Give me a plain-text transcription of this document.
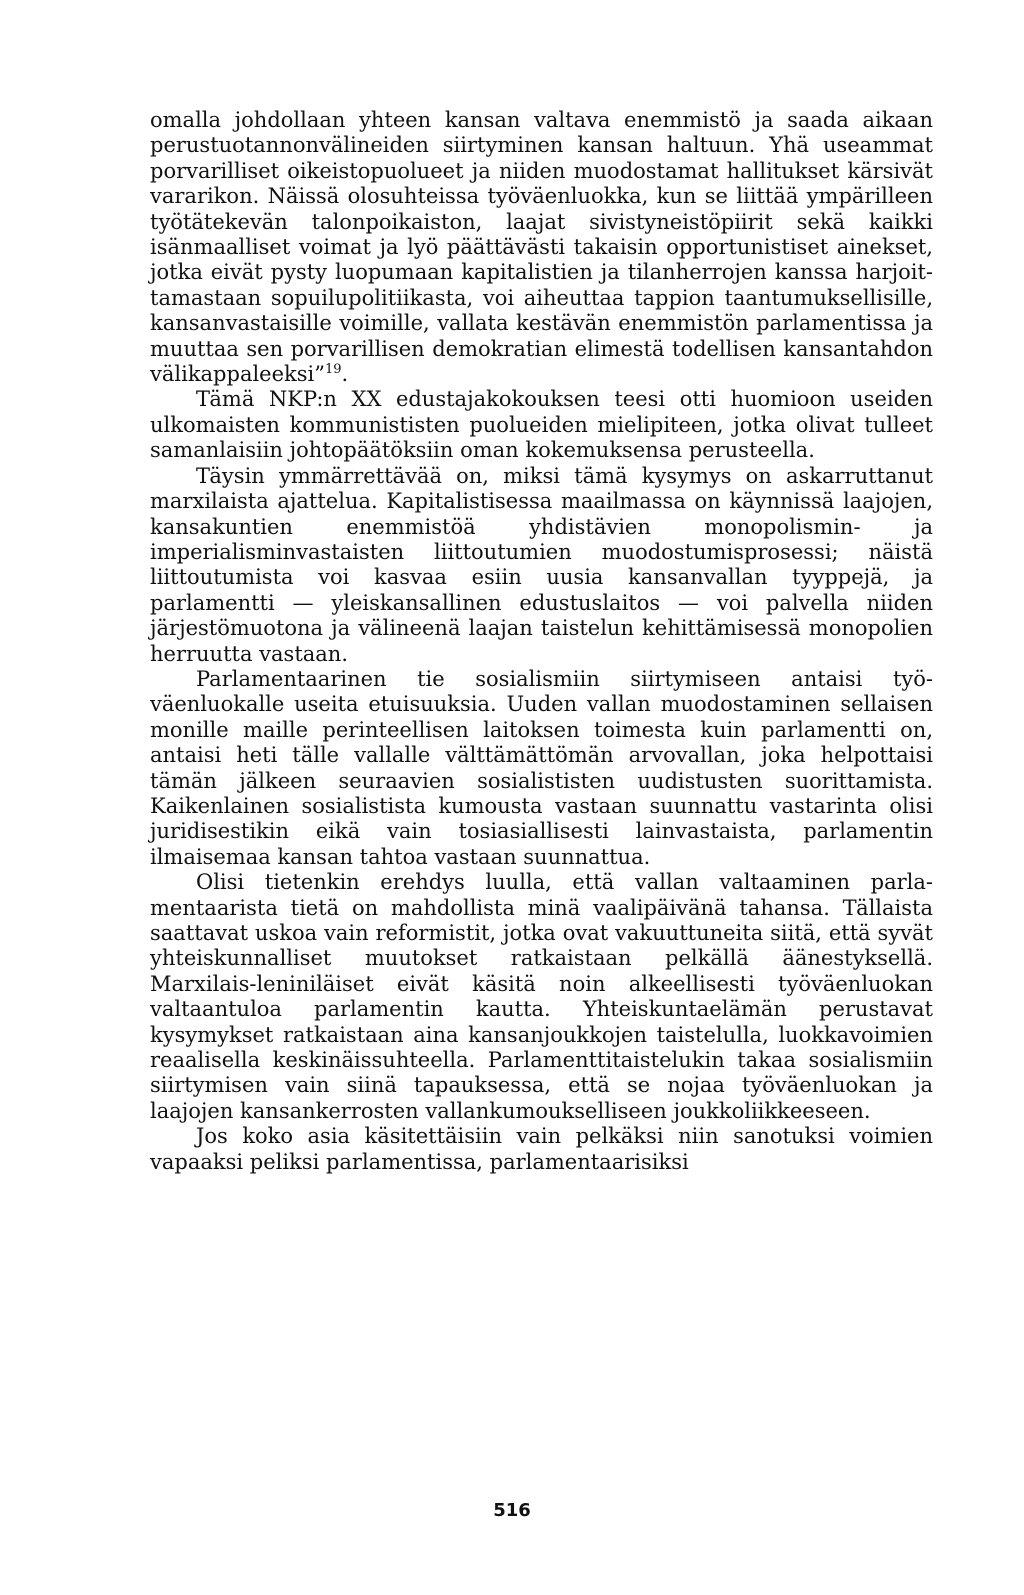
omalla johdollaan yhteen kansan valtava enemmistö ja saada aikaan perustuotannonvälineiden siirtyminen kansan haltuun. Yhä useammat porvarilliset oikeistopuolueet ja niiden muodostamat hallitukset kärsivät vararikon. Näissä olosuhteissa työväenluokka, kun se liittää ympärilleen työtätekevän talonpoikaiston, laajat sivistyneistöpiirit sekä kaikki isänmaalliset voimat ja lyö päättävästi takaisin opportunistiset ainekset, jotka eivät pysty luopumaan kapitalistien ja tilanherrojen kanssa harjoittamastaan sopuilupolitiikasta, voi aiheuttaa tappion taantumuksellisille, kansanvastaisille voimille, vallata kestävän enemmistön parlamentissa ja muuttaa sen porvarillisen demokratian elimestä todellisen kansantahdon välikappaleeksi”$^{19}$.

Tämä NKP:n XX edustajakokouksen teesi otti huomioon useiden ulkomaisten kommunististen puolueiden mielipiteen, jotka olivat tulleet samanlaisiin johtopäätöksiin oman kokemuksensa perusteella.

Täysin ymmärrettävää on, miksi tämä kysymys on askarruttanut marxilaista ajattelua. Kapitalistisessa maailmassa on käynnissä laajojen, kansakuntien enemmistöä yhdistävien monopolismin- ja imperialisminvastaisten liittoutumien muodostumisprosessi; näistä liittoutumista voi kasvaa esiin uusia kansanvallan tyyppejä, ja parlamentti — yleiskansallinen edustuslaitos — voi palvella niiden järjestömuotona ja välineenä laajan taistelun kehittämisessä monopolien herruutta vastaan.

Parlamentaarinen tie sosialismiin siirtymiseen antaisi työväenluokalle useita etuisuuksia. Uuden vallan muodostaminen sellaisen monille maille perinteellisen laitoksen toimesta kuin parlamentti on, antaisi heti tälle vallalle välttämättömän arvovallan, joka helpottaisi tämän jälkeen seuraavien sosialististen uudistusten suorittamista. Kaikenlainen sosialistista kumousta vastaan suunnattu vastarinta olisi juridisestikin eikä vain tosiasiallisesti lainvastaista, parlamentin ilmaisemaa kansan tahtoa vastaan suunnattua.

Olisi tietenkin erehdys luulla, että vallan valtaaminen parlamentaarista tietä on mahdollista minä vaalipäivänä tahansa. Tällaista saattavat uskoa vain reformistit, jotka ovat vakuuttuneita siitä, että syvät yhteiskunnalliset muutokset ratkaistaan pelkällä äänestyksellä. Marxilais-leniniläiset eivät käsitä noin alkeellisesti työväenluokan valtaantuloa parlamentin kautta. Yhteiskuntaelämän perustavat kysymykset ratkaistaan aina kansanjoukkojen taistelulla, luokkavoimien reaalisella keskinäissuhteella. Parlamenttitaistelukin takaa sosialismiin siirtymisen vain siinä tapauksessa, että se nojaa työväenluokan ja laajojen kansankerrosten vallankumoukselliseen joukkoliikkeeseen.

Jos koko asia käsitettäisiin vain pelkäksi niin sanotuksi voimien vapaaksi peliksi parlamentissa, parlamentaarisiksi

516
